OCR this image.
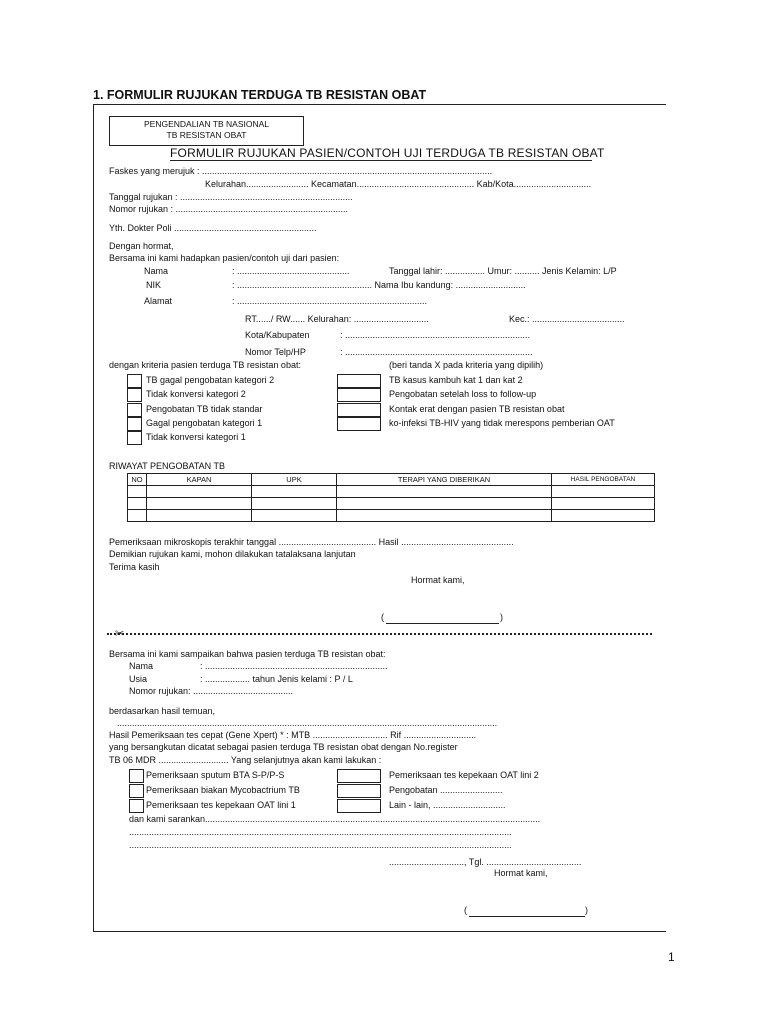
1. FORMULIR RUJUKAN TERDUGA TB RESISTAN OBAT
PENGENDALIAN TB NASIONAL
TB RESISTAN OBAT
FORMULIR RUJUKAN PASIEN/CONTOH UJI TERDUGA TB RESISTAN OBAT
Faskes yang merujuk : ....................................................................................................................
Kelurahan......................... Kecamatan............................................... Kab/Kota...............................
Tanggal rujukan : .....................................................................
Nomor rujukan : .....................................................................
Yth. Dokter Poli .........................................................
Dengan hormat,
Bersama ini kami hadapkan pasien/contoh uji dari pasien:
Nama	: .............................................	Tanggal lahir: ................ Umur: .......... Jenis Kelamin: L/P
NIK	: ...................................................... Nama Ibu kandung: ............................
Alamat	: ............................................................................
RT....../ RW...... Kelurahan: ..............................	Kec.: .....................................
Kota/Kabupaten	: ..........................................................................
Nomor Telp/HP	: ...........................................................................
dengan kriteria pasien terduga TB resistan obat:	(beri tanda X pada kriteria yang dipilih)
TB gagal pengobatan kategori 2
Tidak konversi kategori 2
Pengobatan TB tidak standar
Gagal pengobatan kategori 1
Tidak konversi kategori 1
TB kasus kambuh kat 1 dan kat 2
Pengobatan setelah loss to follow-up
Kontak erat dengan pasien TB resistan obat
ko-infeksi TB-HIV yang tidak merespons pemberian OAT
RIWAYAT PENGOBATAN TB
NO	KAPAN	UPK	TERAPI YANG DIBERIKAN	HASIL PENGOBATAN

Pemeriksaan mikroskopis terakhir tanggal ....................................... Hasil .............................................
Demikian rujukan kami, mohon dilakukan tatalaksana lanjutan
Terima kasih
Hormat kami,
(	)
✂
Bersama ini kami sampaikan bahwa pasien terduga TB resistan obat:
Nama	: .........................................................................
Usia	: .................. tahun Jenis kelami : P / L
Nomor rujukan: ........................................
berdasarkan hasil temuan,
........................................................................................................................................................
Hasil Pemeriksaan tes cepat (Gene Xpert) * : MTB .............................. Rif .............................
yang bersangkutan dicatat sebagai pasien terduga TB resistan obat dengan No.register
TB 06 MDR ............................ Yang selanjutnya akan kami lakukan :
Pemeriksaan sputum BTA S-P/P-S
Pemeriksaan biakan Mycobactrium TB
Pemeriksaan tes kepekaan OAT lini 1
Pemeriksaan tes kepekaan OAT lini 2
Pengobatan .........................
Lain - lain, .............................
dan kami sarankan......................................................................................................................................
.........................................................................................................................................................
.........................................................................................................................................................
.............................., Tgl. ......................................
Hormat kami,
(	)
1
